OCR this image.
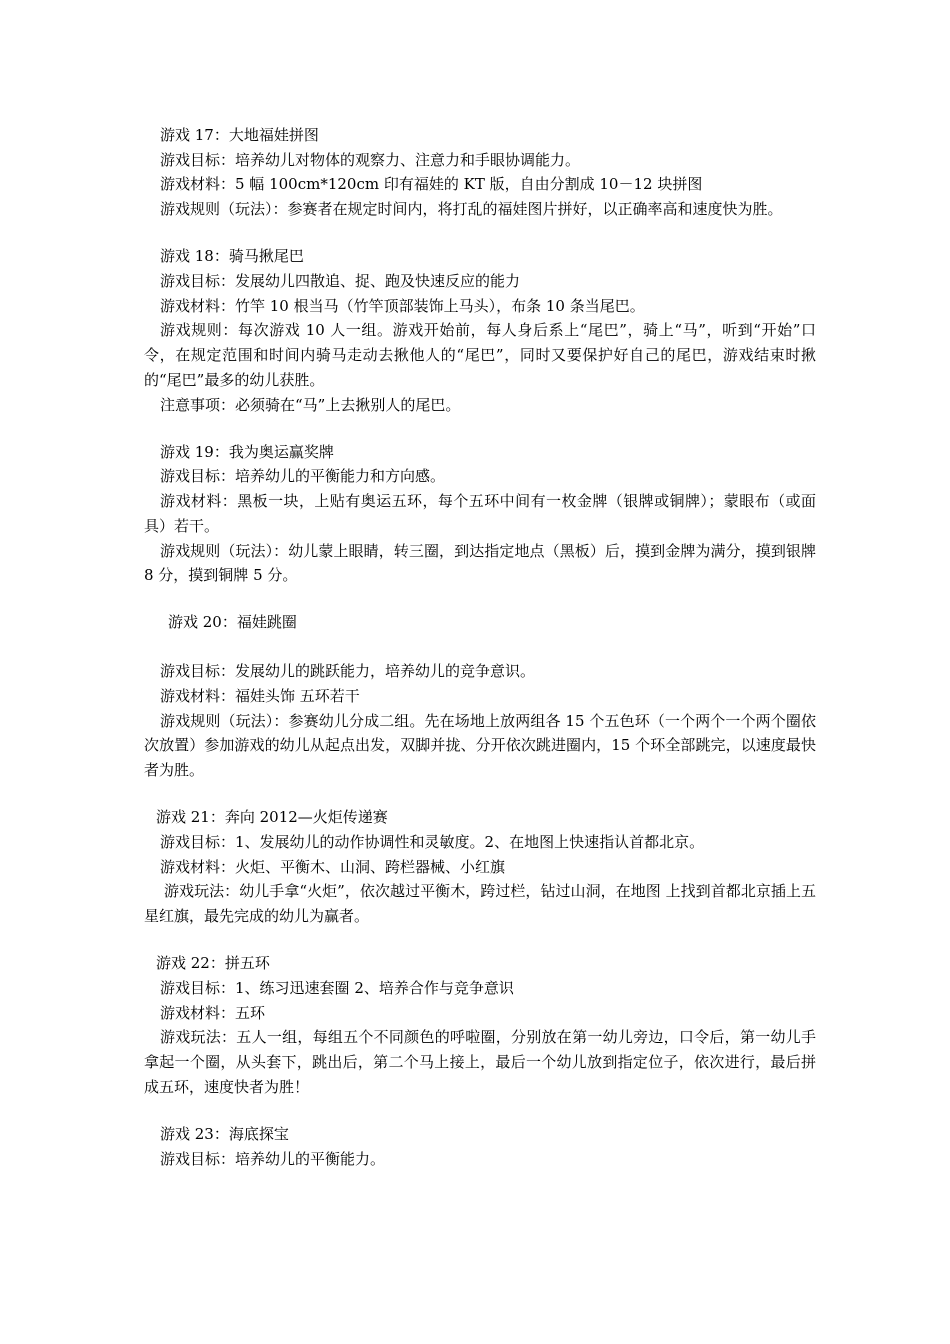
游戏 17：大地福娃拼图
游戏目标：培养幼儿对物体的观察力、注意力和手眼协调能力。
游戏材料：5 幅 100cm*120cm 印有福娃的 KT 版，自由分割成 10－12 块拼图
游戏规则（玩法）：参赛者在规定时间内，将打乱的福娃图片拼好，以正确率高和速度快为胜。
游戏 18：骑马揪尾巴
游戏目标：发展幼儿四散追、捉、跑及快速反应的能力
游戏材料：竹竿 10 根当马（竹竿顶部装饰上马头），布条 10 条当尾巴。
游戏规则：每次游戏 10 人一组。游戏开始前，每人身后系上“尾巴”，骑上“马”，听到“开始”口令，在规定范围和时间内骑马走动去揪他人的“尾巴”，同时又要保护好自己的尾巴，游戏结束时揪的“尾巴”最多的幼儿获胜。
注意事项：必须骑在“马”上去揪别人的尾巴。
游戏 19：我为奥运赢奖牌
游戏目标：培养幼儿的平衡能力和方向感。
游戏材料：黑板一块，上贴有奥运五环，每个五环中间有一枚金牌（银牌或铜牌）；蒙眼布（或面具）若干。
游戏规则（玩法）：幼儿蒙上眼睛，转三圈，到达指定地点（黑板）后，摸到金牌为满分，摸到银牌 8 分，摸到铜牌 5 分。
游戏 20：福娃跳圈
游戏目标：发展幼儿的跳跃能力，培养幼儿的竞争意识。
游戏材料：福娃头饰 五环若干
游戏规则（玩法）：参赛幼儿分成二组。先在场地上放两组各 15 个五色环（一个两个一个两个圈依次放置）参加游戏的幼儿从起点出发，双脚并拢、分开依次跳进圈内，15 个环全部跳完，以速度最快者为胜。
游戏 21：奔向 2012—火炬传递赛
游戏目标：1、发展幼儿的动作协调性和灵敏度。2、在地图上快速指认首都北京。
游戏材料：火炬、平衡木、山洞、跨栏器械、小红旗
游戏玩法：幼儿手拿“火炬”，依次越过平衡木，跨过栏，钻过山洞，在地图 上找到首都北京插上五星红旗，最先完成的幼儿为赢者。
游戏 22：拼五环
游戏目标：1、练习迅速套圈 2、培养合作与竞争意识
游戏材料：五环
游戏玩法：五人一组，每组五个不同颜色的呼啦圈，分别放在第一幼儿旁边，口令后，第一幼儿手拿起一个圈，从头套下，跳出后，第二个马上接上，最后一个幼儿放到指定位子，依次进行，最后拼成五环，速度快者为胜！
游戏 23：海底探宝
游戏目标：培养幼儿的平衡能力。
